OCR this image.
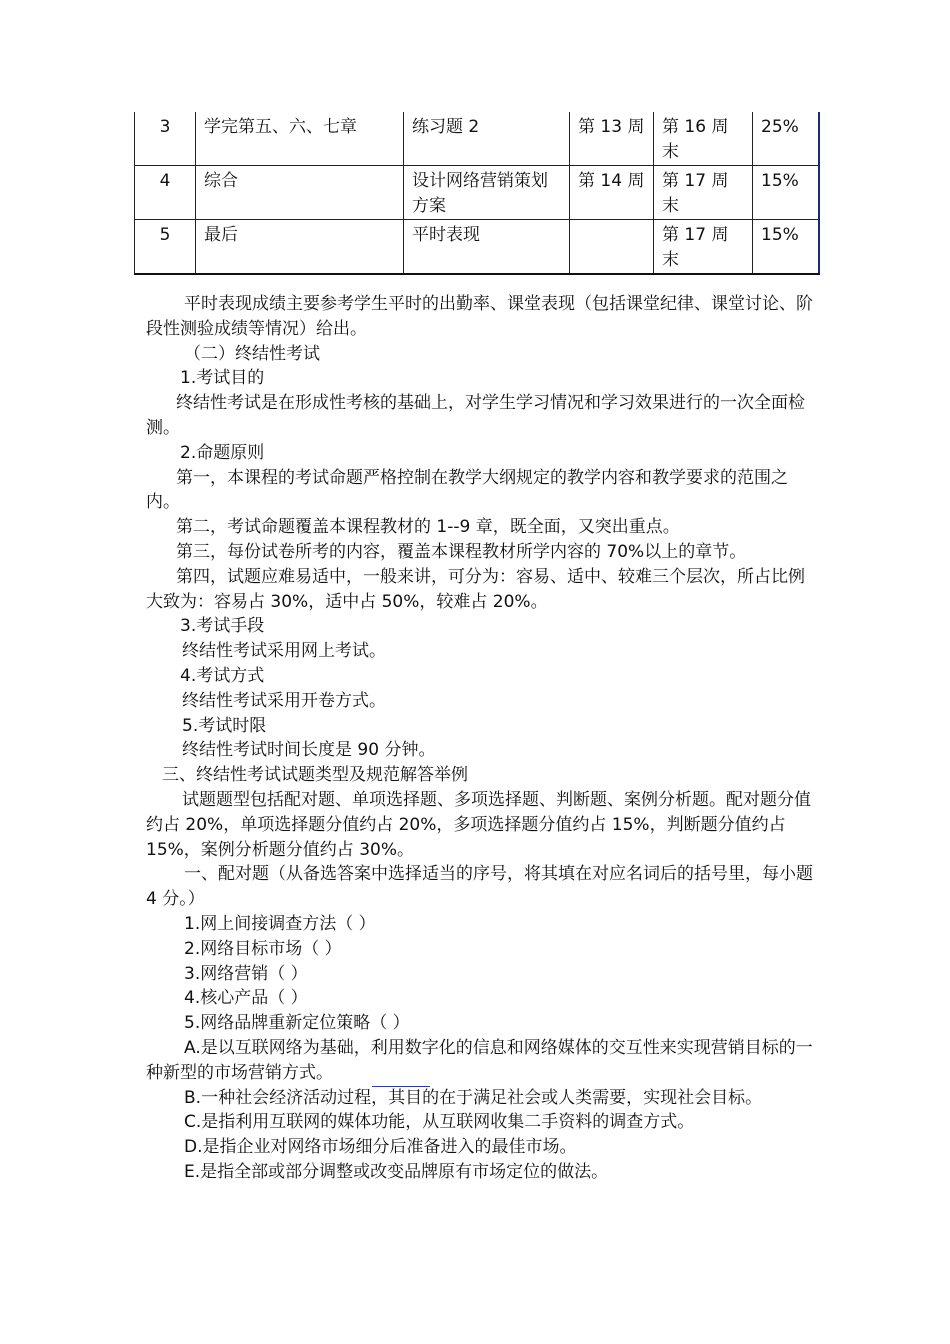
3	学完第五、六、七章	练习题 2	第 13 周	第 16 周末	25%
4	综合	设计网络营销策划方案	第 14 周	第 17 周末	15%
5	最后	平时表现		第 17 周末	15%

平时表现成绩主要参考学生平时的出勤率、课堂表现（包括课堂纪律、课堂讨论、阶段性测验成绩等情况）给出。

（二）终结性考试

1.考试目的

终结性考试是在形成性考核的基础上，对学生学习情况和学习效果进行的一次全面检测。

2.命题原则

第一，本课程的考试命题严格控制在教学大纲规定的教学内容和教学要求的范围之内。

第二，考试命题覆盖本课程教材的 1--9 章，既全面，又突出重点。

第三，每份试卷所考的内容，覆盖本课程教材所学内容的 70%以上的章节。

第四，试题应难易适中，一般来讲，可分为：容易、适中、较难三个层次，所占比例大致为：容易占 30%，适中占 50%，较难占 20%。

3.考试手段

终结性考试采用网上考试。

4.考试方式

终结性考试采用开卷方式。

5.考试时限

终结性考试时间长度是 90 分钟。

三、终结性考试试题类型及规范解答举例

试题题型包括配对题、单项选择题、多项选择题、判断题、案例分析题。配对题分值约占 20%，单项选择题分值约占 20%，多项选择题分值约占 15%，判断题分值约占 15%，案例分析题分值约占 30%。

一、配对题（从备选答案中选择适当的序号，将其填在对应名词后的括号里，每小题 4 分。）

1.网上间接调查方法（ ）

2.网络目标市场（ ）

3.网络营销（ ）

4.核心产品（ ）

5.网络品牌重新定位策略（ ）

A.是以互联网络为基础，利用数字化的信息和网络媒体的交互性来实现营销目标的一种新型的市场营销方式。

B.一种社会经济活动过程，其目的在于满足社会或人类需要，实现社会目标。

C.是指利用互联网的媒体功能，从互联网收集二手资料的调查方式。

D.是指企业对网络市场细分后准备进入的最佳市场。

E.是指全部或部分调整或改变品牌原有市场定位的做法。
